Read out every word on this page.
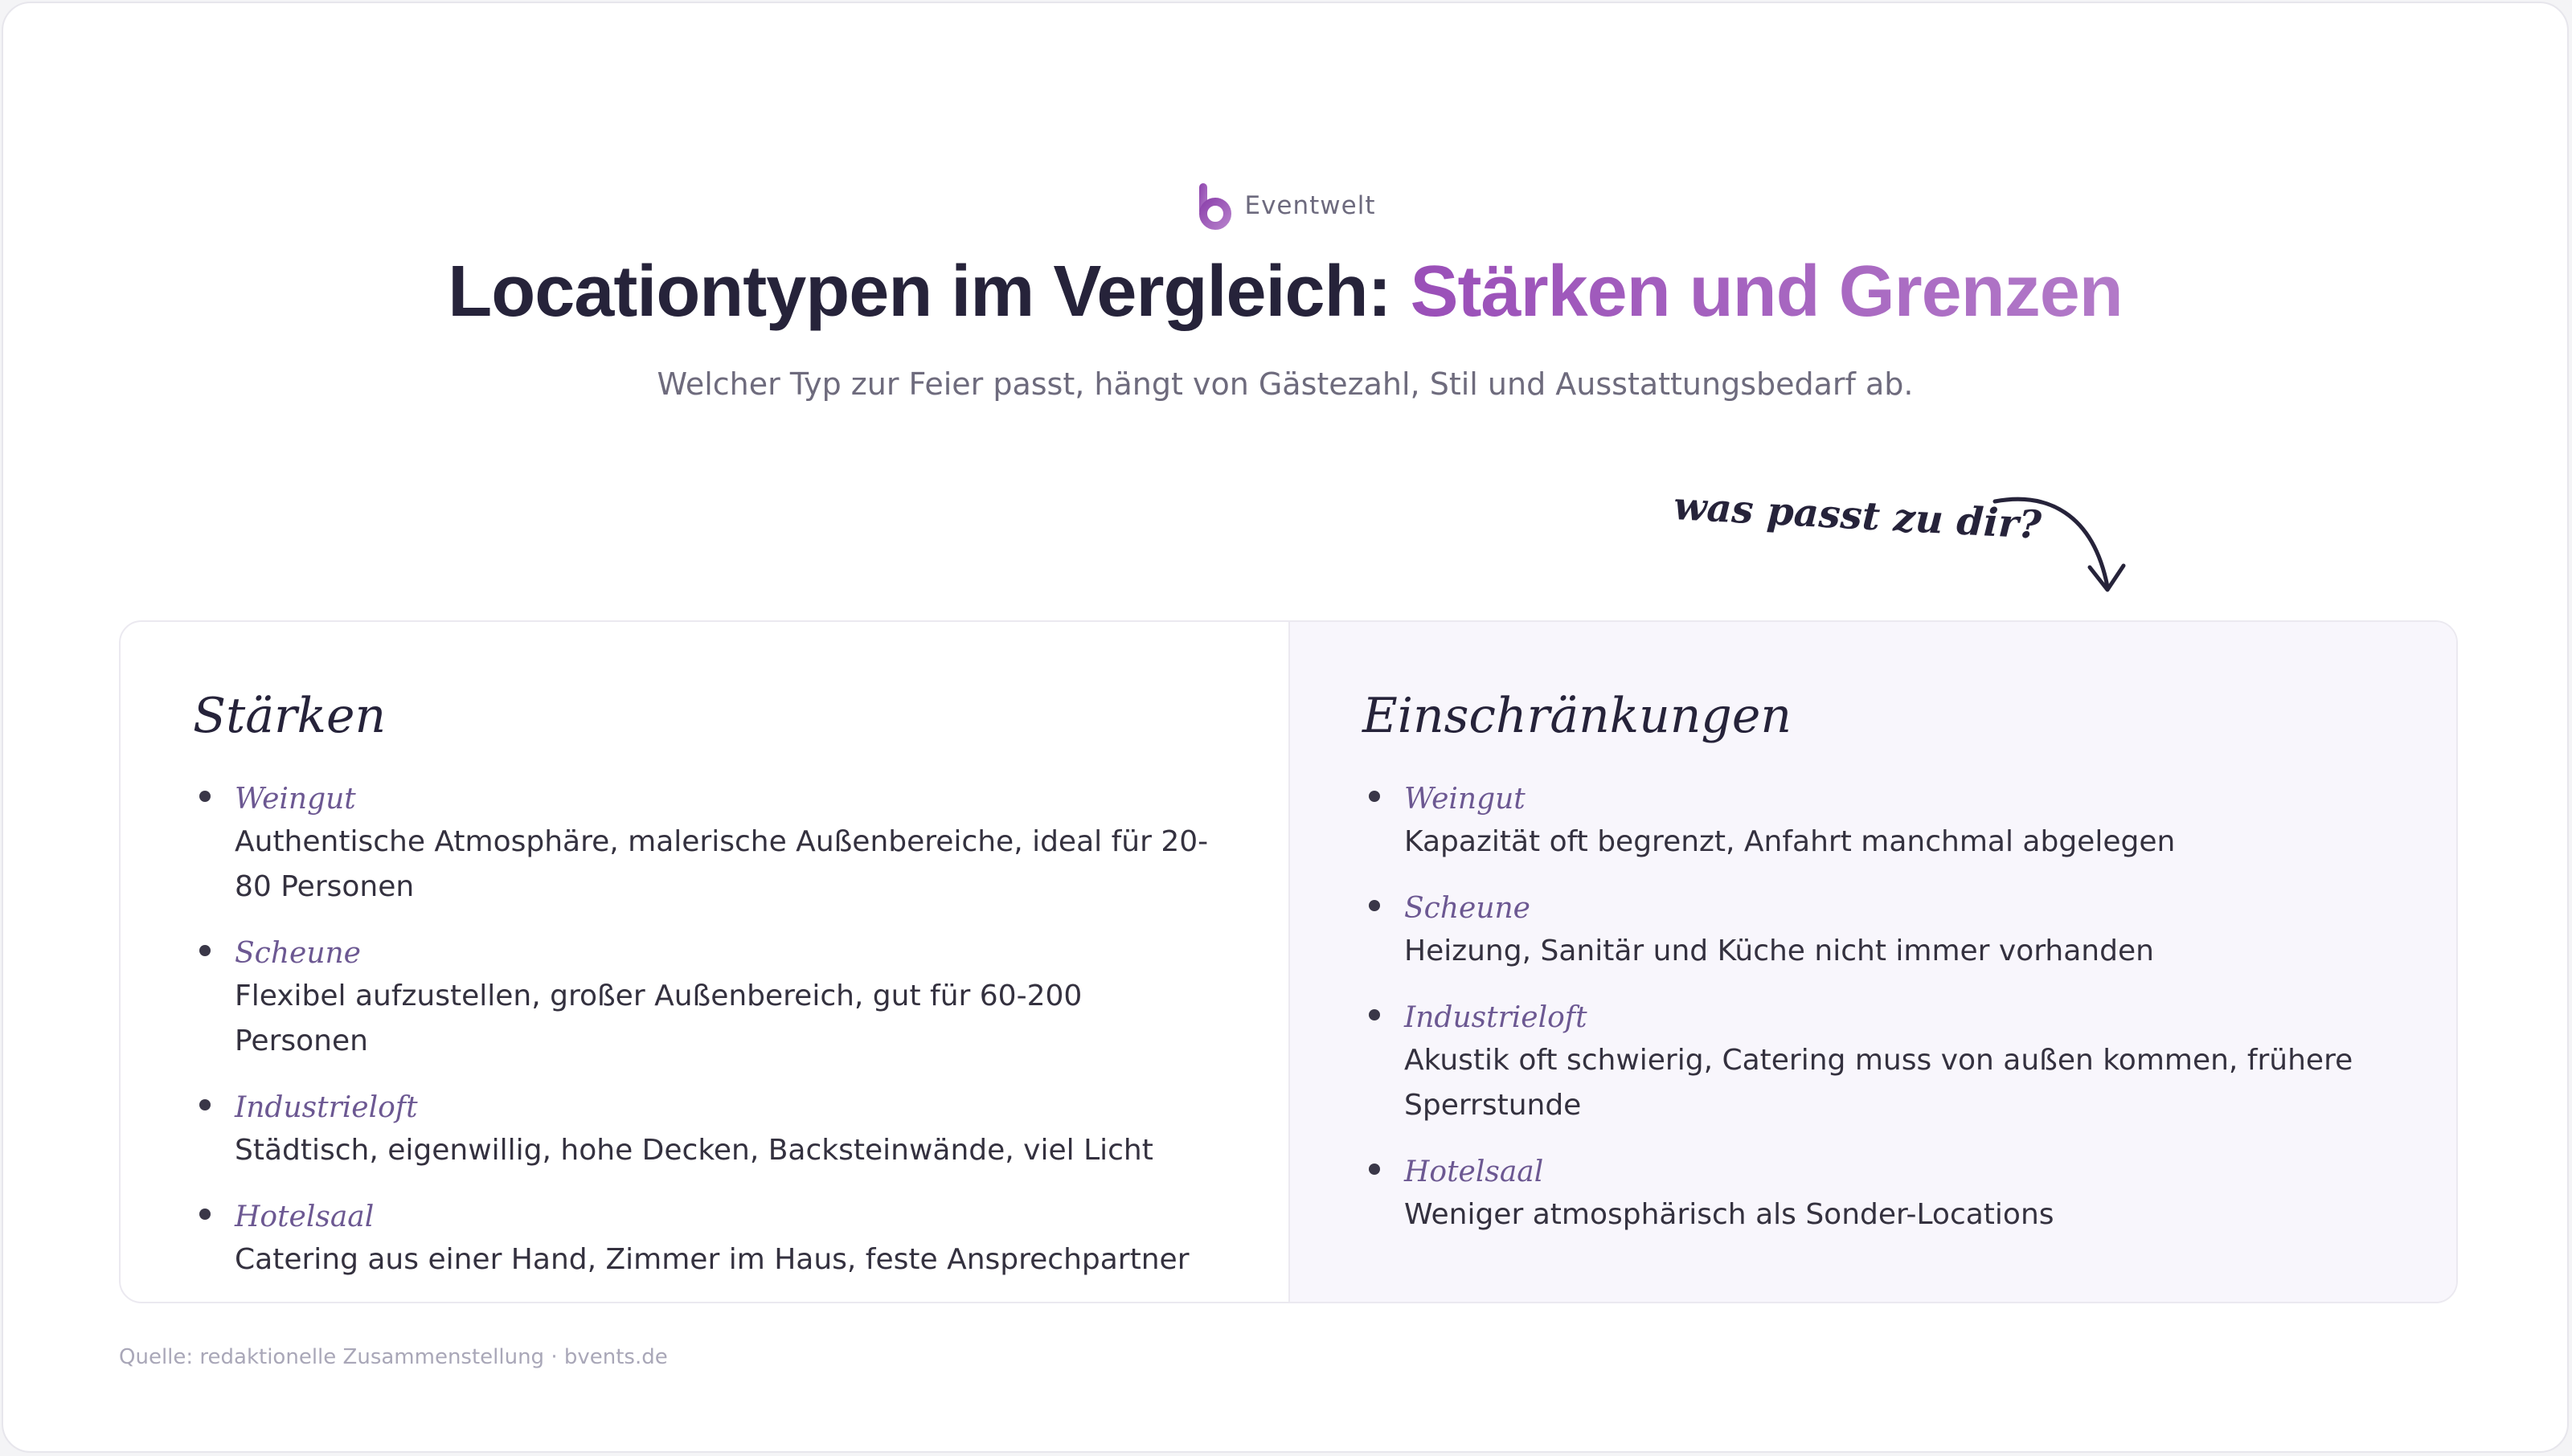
Eventwelt
Locationtypen im Vergleich: Stärken und Grenzen
Welcher Typ zur Feier passt, hängt von Gästezahl, Stil und Ausstattungsbedarf ab.
was passt zu dir?
Stärken
Weingut
Authentische Atmosphäre, malerische Außenbereiche, ideal für 20-80 Personen
Scheune
Flexibel aufzustellen, großer Außenbereich, gut für 60-200 Personen
Industrieloft
Städtisch, eigenwillig, hohe Decken, Backsteinwände, viel Licht
Hotelsaal
Catering aus einer Hand, Zimmer im Haus, feste Ansprechpartner
Einschränkungen
Weingut
Kapazität oft begrenzt, Anfahrt manchmal abgelegen
Scheune
Heizung, Sanitär und Küche nicht immer vorhanden
Industrieloft
Akustik oft schwierig, Catering muss von außen kommen, frühere Sperrstunde
Hotelsaal
Weniger atmosphärisch als Sonder-Locations
Quelle: redaktionelle Zusammenstellung · bvents.de
